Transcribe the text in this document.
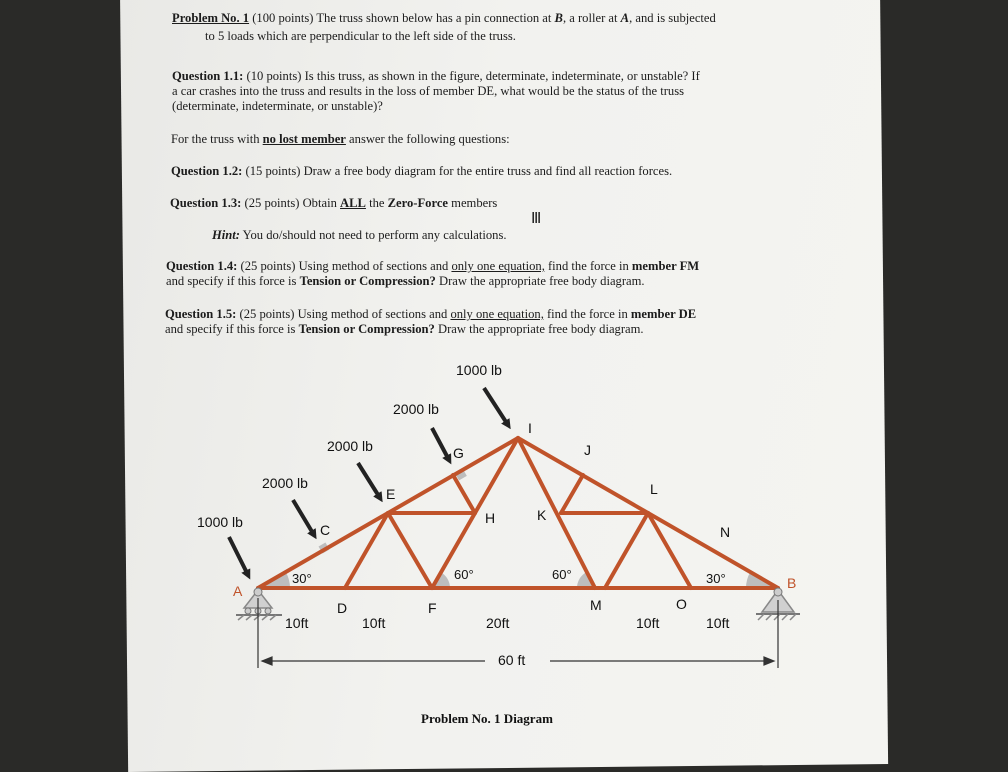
Problem No. 1 (100 points) The truss shown below has a pin connection at B, a roller at A, and is subjected
to 5 loads which are perpendicular to the left side of the truss.
Question 1.1: (10 points) Is this truss, as shown in the figure, determinate, indeterminate, or unstable? If
a car crashes into the truss and results in the loss of member DE, what would be the status of the truss
(determinate, indeterminate, or unstable)?
For the truss with no lost member answer the following questions:
Question 1.2: (15 points) Draw a free body diagram for the entire truss and find all reaction forces.
Question 1.3: (25 points) Obtain ALL the Zero-Force members
Hint: You do/should not need to perform any calculations.
Ⅲ
Question 1.4: (25 points) Using method of sections and only one equation, find the force in member FM
and specify if this force is Tension or Compression? Draw the appropriate free body diagram.
Question 1.5: (25 points) Using method of sections and only one equation, find the force in member DE
and specify if this force is Tension or Compression? Draw the appropriate free body diagram.
1000 lb
2000 lb
2000 lb
2000 lb
1000 lb
A	B
C
D
E
F
G
H
I
J
K
L
M
N
O
30°	60°	60°	30°
10ft	10ft	20ft	10ft	10ft
60 ft
Problem No. 1 Diagram
